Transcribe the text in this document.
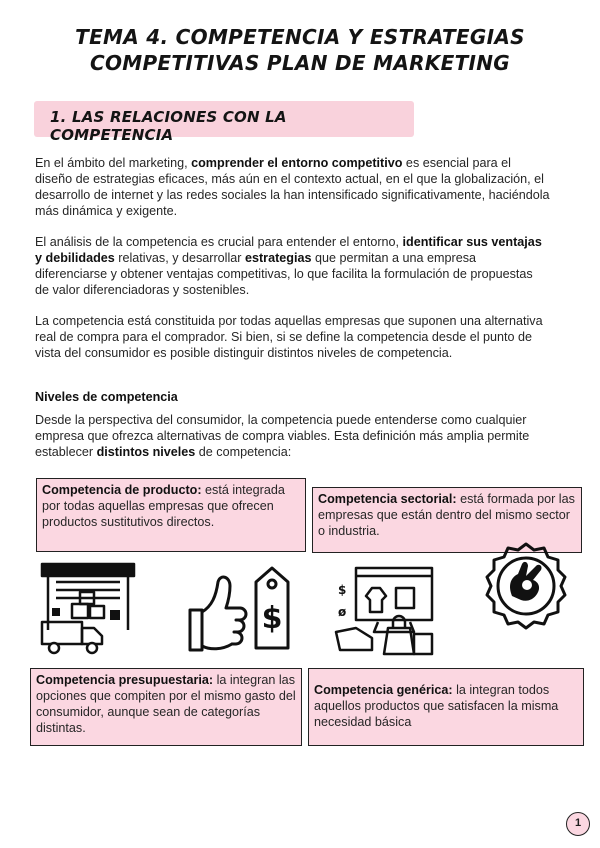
TEMA 4. COMPETENCIA Y ESTRATEGIAS
COMPETITIVAS PLAN DE MARKETING
1. LAS RELACIONES CON LA COMPETENCIA

En el ámbito del marketing, comprender el entorno competitivo es esencial para el diseño de estrategias eficaces, más aún en el contexto actual, en el que la globalización, el desarrollo de internet y las redes sociales la han intensificado significativamente, haciéndola más dinámica y exigente.

El análisis de la competencia es crucial para entender el entorno, identificar sus ventajas y debilidades relativas, y desarrollar estrategias que permitan a una empresa diferenciarse y obtener ventajas competitivas, lo que facilita la formulación de propuestas de valor diferenciadoras y sostenibles.

La competencia está constituida por todas aquellas empresas que suponen una alternativa real de compra para el comprador. Si bien, si se define la competencia desde el punto de vista del consumidor es posible distinguir distintos niveles de competencia.

Niveles de competencia

Desde la perspectiva del consumidor, la competencia puede entenderse como cualquier empresa que ofrezca alternativas de compra viables. Esta definición más amplia permite establecer distintos niveles de competencia:

Competencia de producto: está integrada por todas aquellas empresas que ofrecen productos sustitutivos directos.
Competencia sectorial: está formada por las empresas que están dentro del mismo sector o industria.
Competencia presupuestaria: la integran las opciones que compiten por el mismo gasto del consumidor, aunque sean de categorías distintas.
Competencia genérica: la integran todos aquellos productos que satisfacen la misma necesidad básica
$
$
ø
1
